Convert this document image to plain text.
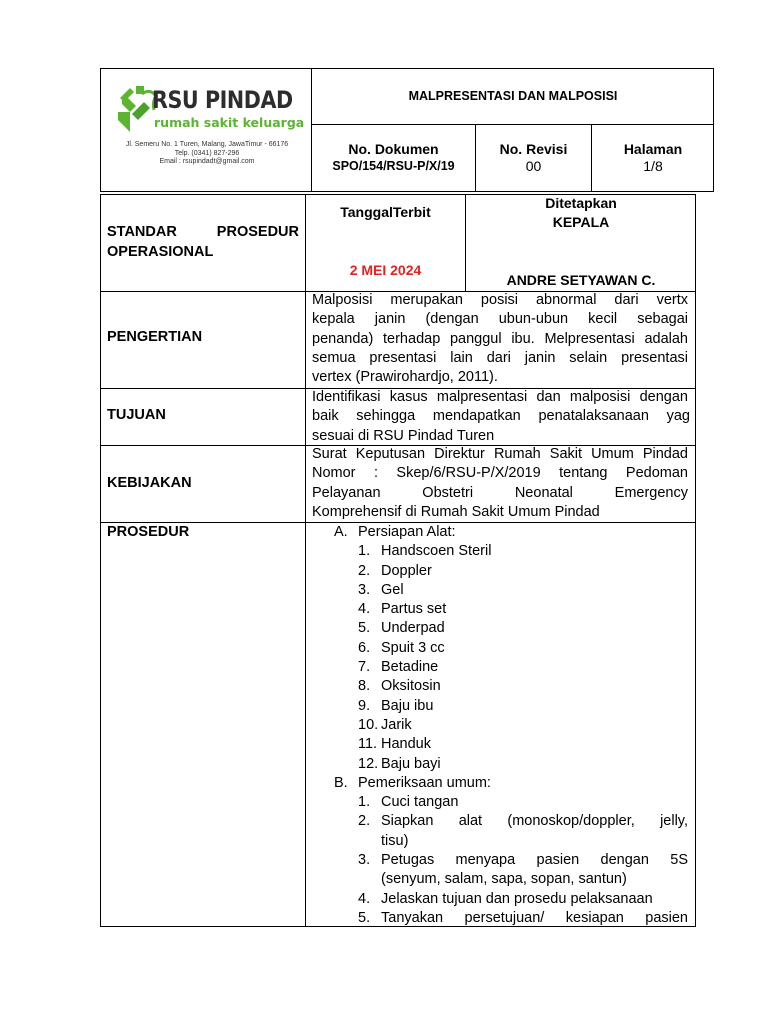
RSU PINDAD
rumah sakit keluarga
Jl. Semeru No. 1 Turen, Malang, JawaTimur - 66176
Telp. (0341) 827-296
Email : rsupindadt@gmail.com
MALPRESENTASI DAN MALPOSISI
No. Dokumen
SPO/154/RSU-P/X/19
No. Revisi
00
Halaman
1/8
STANDAR PROSEDUR
OPERASIONAL
TanggalTerbit
2 MEI 2024
Ditetapkan
KEPALA
ANDRE SETYAWAN C.
PENGERTIAN
Malposisi merupakan posisi abnormal dari vertx
kepala janin (dengan ubun-ubun kecil sebagai
penanda) terhadap panggul ibu. Melpresentasi adalah
semua presentasi lain dari janin selain presentasi
vertex (Prawirohardjo, 2011).
TUJUAN
Identifikasi kasus malpresentasi dan malposisi dengan
baik sehingga mendapatkan penatalaksanaan yag
sesuai di RSU Pindad Turen
KEBIJAKAN
Surat Keputusan Direktur Rumah Sakit Umum Pindad
Nomor : Skep/6/RSU-P/X/2019 tentang Pedoman
Pelayanan Obstetri Neonatal Emergency
Komprehensif di Rumah Sakit Umum Pindad
PROSEDUR	A. Persiapan Alat:
1. Handscoen Steril
2. Doppler
3. Gel
4. Partus set
5. Underpad
6. Spuit 3 cc
7. Betadine
8. Oksitosin
9. Baju ibu
10. Jarik
11. Handuk
12. Baju bayi
B. Pemeriksaan umum:
1. Cuci tangan
2. Siapkan alat (monoskop/doppler, jelly,
tisu)
3. Petugas menyapa pasien dengan 5S
(senyum, salam, sapa, sopan, santun)
4. Jelaskan tujuan dan prosedu pelaksanaan
5. Tanyakan persetujuan/ kesiapan pasien
